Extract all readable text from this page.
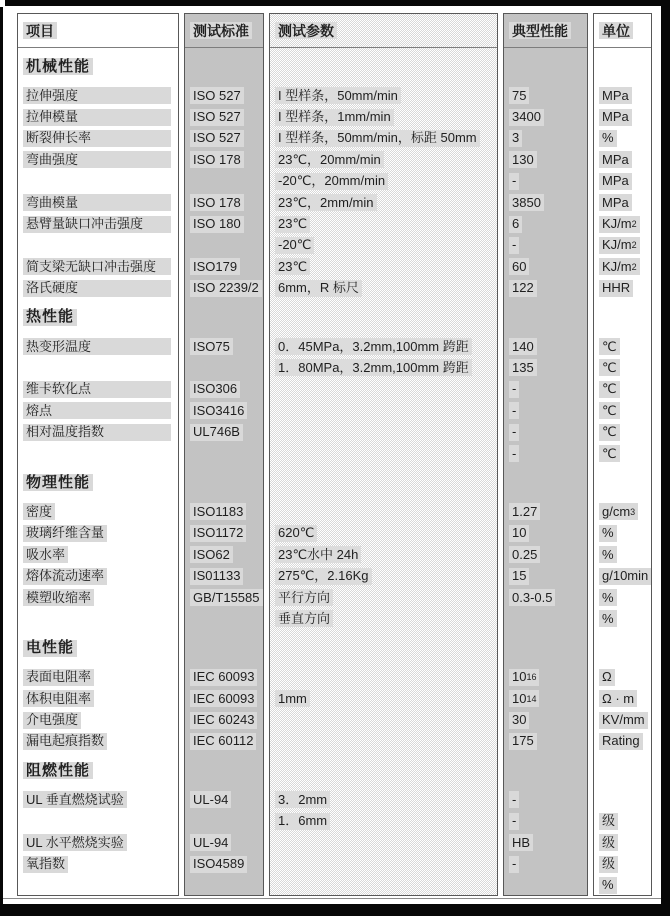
项目
机械性能
拉伸强度
拉伸模量
断裂伸长率
弯曲强度
弯曲模量
悬臂量缺口冲击强度
简支梁无缺口冲击强度
洛氏硬度
热性能
热变形温度
维卡软化点
熔点
相对温度指数
物理性能
密度
玻璃纤维含量
吸水率
熔体流动速率
模塑收缩率
电性能
表面电阻率
体积电阻率
介电强度
漏电起痕指数
阻燃性能
UL 垂直燃烧试验
UL 水平燃烧实验
氧指数
测试标准
ISO 527
ISO 527
ISO 527
ISO 178
ISO 178
ISO 180
ISO179
ISO 2239/2
ISO75
ISO306
ISO3416
UL746B
ISO1183
ISO1172
ISO62
IS01133
GB/T15585
IEC 60093
IEC 60093
IEC 60243
IEC 60112
UL-94
UL-94
ISO4589
测试参数
I 型样条，50mm/min
I 型样条，1mm/min
I 型样条，50mm/min，标距 50mm
23℃，20mm/min
-20℃，20mm/min
23℃，2mm/min
23℃
-20℃
23℃
6mm，R 标尺
0．45MPa，3.2mm,100mm 跨距
1．80MPa，3.2mm,100mm 跨距
620℃
23℃水中 24h
275℃，2.16Kg
平行方向
垂直方向
1mm
3．2mm
1．6mm
典型性能
75
3400
3
130
-
3850
6
-
60
122
140
135
-
-
-
-
1.27
10
0.25
15
0.3-0.5
10 16
10 14
30
175
-
-
HB
-
单位
MPa
MPa
%
MPa
MPa
MPa
KJ/m 2
KJ/m 2
KJ/m 2
HHR
℃
℃
℃
℃
℃
℃
g/cm 3
%
%
g/10min
%
%
Ω
Ω · m
KV/mm
Rating
级
级
级
%
